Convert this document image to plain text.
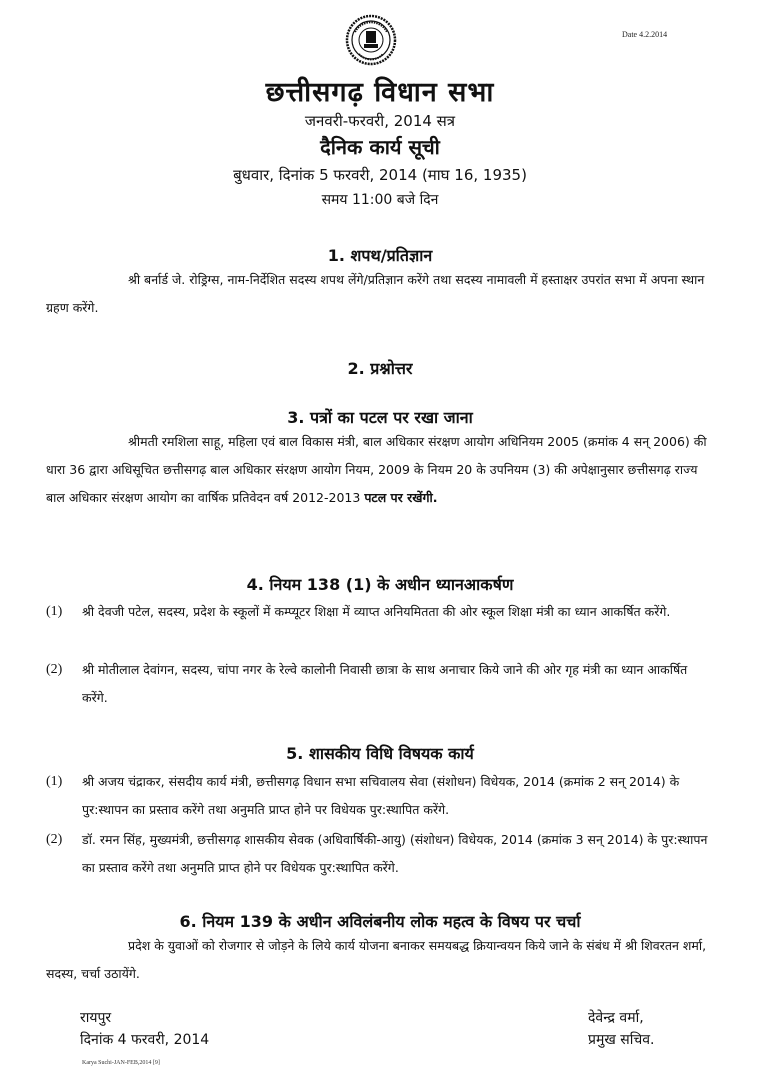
Date 4.2.2014
छत्तीसगढ़ विधान सभा
जनवरी-फरवरी, 2014 सत्र
दैनिक कार्य सूची
बुधवार, दिनांक 5 फरवरी, 2014 (माघ 16, 1935)
समय 11:00 बजे दिन
1. शपथ/प्रतिज्ञान
श्री बर्नार्ड जे. रोड्रिग्स, नाम-निर्देशित सदस्य शपथ लेंगे/प्रतिज्ञान करेंगे तथा सदस्य नामावली में हस्ताक्षर उपरांत सभा में अपना स्थान ग्रहण करेंगे.
2. प्रश्नोत्तर
3. पत्रों का पटल पर रखा जाना
श्रीमती रमशिला साहू, महिला एवं बाल विकास मंत्री, बाल अधिकार संरक्षण आयोग अधिनियम 2005 (क्रमांक 4 सन् 2006) की धारा 36 द्वारा अधिसूचित छत्तीसगढ़ बाल अधिकार संरक्षण आयोग नियम, 2009 के नियम 20 के उपनियम (3) की अपेक्षानुसार छत्तीसगढ़ राज्य बाल अधिकार संरक्षण आयोग का वार्षिक प्रतिवेदन वर्ष 2012-2013 पटल पर रखेंगी.
4. नियम 138 (1) के अधीन ध्यानआकर्षण
(1) श्री देवजी पटेल, सदस्य, प्रदेश के स्कूलों में कम्प्यूटर शिक्षा में व्याप्त अनियमितता की ओर स्कूल शिक्षा मंत्री का ध्यान आकर्षित करेंगे.
(2) श्री मोतीलाल देवांगन, सदस्य, चांपा नगर के रेल्वे कालोनी निवासी छात्रा के साथ अनाचार किये जाने की ओर गृह मंत्री का ध्यान आकर्षित करेंगे.
5. शासकीय विधि विषयक कार्य
(1) श्री अजय चंद्राकर, संसदीय कार्य मंत्री, छत्तीसगढ़ विधान सभा सचिवालय सेवा (संशोधन) विधेयक, 2014 (क्रमांक 2 सन् 2014) के पुर:स्थापन का प्रस्ताव करेंगे तथा अनुमति प्राप्त होने पर विधेयक पुर:स्थापित करेंगे.
(2) डॉ. रमन सिंह, मुख्यमंत्री, छत्तीसगढ़ शासकीय सेवक (अधिवार्षिकी-आयु) (संशोधन) विधेयक, 2014 (क्रमांक 3 सन् 2014) के पुर:स्थापन का प्रस्ताव करेंगे तथा अनुमति प्राप्त होने पर विधेयक पुर:स्थापित करेंगे.
6. नियम 139 के अधीन अविलंबनीय लोक महत्व के विषय पर चर्चा
प्रदेश के युवाओं को रोजगार से जोड़ने के लिये कार्य योजना बनाकर समयबद्ध क्रियान्वयन किये जाने के संबंध में श्री शिवरतन शर्मा, सदस्य, चर्चा उठायेंगे.
रायपुर
दिनांक 4 फरवरी, 2014
देवेन्द्र वर्मा,
प्रमुख सचिव.
Karya Suchi-JAN-FEB,2014 [9]
